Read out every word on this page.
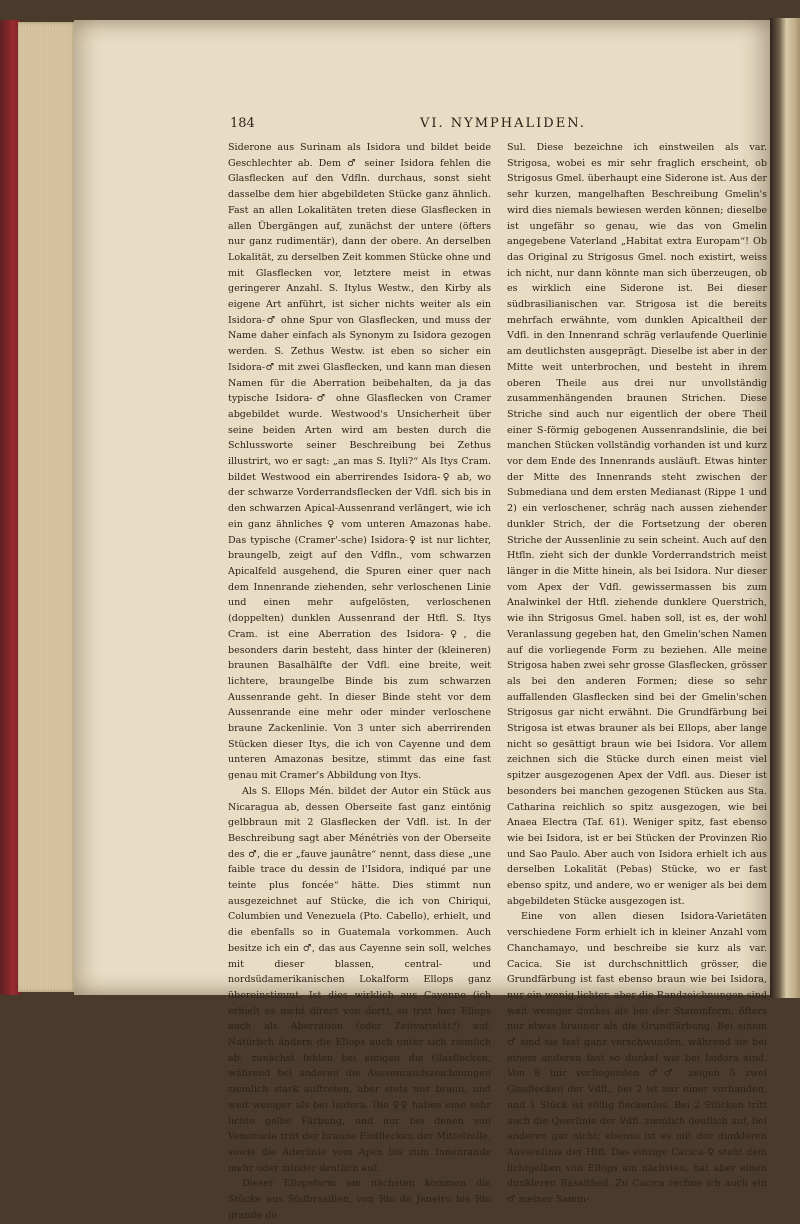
184	VI. NYMPHALIDEN.

Siderone aus Surinam als Isidora und bildet beide Geschlechter ab. Dem ♂ seiner Isidora fehlen die Glasflecken auf den Vdfln. durchaus, sonst sieht dasselbe dem hier abgebildeten Stücke ganz ähnlich. Fast an allen Lokalitäten treten diese Glasflecken in allen Übergängen auf, zunächst der untere (öfters nur ganz rudimentär), dann der obere. An derselben Lokalität, zu derselben Zeit kommen Stücke ohne und mit Glasflecken vor, letztere meist in etwas geringerer Anzahl. S. Itylus Westw., den Kirby als eigene Art anführt, ist sicher nichts weiter als ein Isidora-♂ ohne Spur von Glasflecken, und muss der Name daher einfach als Synonym zu Isidora gezogen werden. S. Zethus Westw. ist eben so sicher ein Isidora-♂ mit zwei Glasflecken, und kann man diesen Namen für die Aberration beibehalten, da ja das typische Isidora-♂ ohne Glasflecken von Cramer abgebildet wurde. Westwood's Unsicherheit über seine beiden Arten wird am besten durch die Schlussworte seiner Beschreibung bei Zethus illustrirt, wo er sagt: „an mas S. Ityli?“ Als Itys Cram. bildet Westwood ein aberrirendes Isidora-♀ ab, wo der schwarze Vorderrandsflecken der Vdfl. sich bis in den schwarzen Apical-Aussenrand verlängert, wie ich ein ganz ähnliches ♀ vom unteren Amazonas habe. Das typische (Cramer'-sche) Isidora-♀ ist nur lichter, braungelb, zeigt auf den Vdfln., vom schwarzen Apicalfeld ausgehend, die Spuren einer quer nach dem Innenrande ziehenden, sehr verloschenen Linie und einen mehr aufgelösten, verloschenen (doppelten) dunklen Aussenrand der Htfl. S. Itys Cram. ist eine Aberration des Isidora-♀, die besonders darin besteht, dass hinter der (kleineren) braunen Basalhälfte der Vdfl. eine breite, weit lichtere, braungelbe Binde bis zum schwarzen Aussenrande geht. In dieser Binde steht vor dem Aussenrande eine mehr oder minder verloschene braune Zackenlinie. Von 3 unter sich aberrirenden Stücken dieser Itys, die ich von Cayenne und dem unteren Amazonas besitze, stimmt das eine fast genau mit Cramer's Abbildung von Itys.

Als S. Ellops Mén. bildet der Autor ein Stück aus Nicaragua ab, dessen Oberseite fast ganz eintönig gelbbraun mit 2 Glasflecken der Vdfl. ist. In der Beschreibung sagt aber Ménétriès von der Oberseite des ♂, die er „fauve jaunâtre“ nennt, dass diese „une faible trace du dessin de l'Isidora, indiqué par une teinte plus foncée“ hätte. Dies stimmt nun ausgezeichnet auf Stücke, die ich von Chiriqui, Columbien und Venezuela (Pto. Cabello), erhielt, und die ebenfalls so in Guatemala vorkommen. Auch besitze ich ein ♂, das aus Cayenne sein soll, welches mit dieser blassen, central- und nordsüdamerikanischen Lokalform Ellops ganz übereinstimmt. Ist dies wirklich aus Cayenne (ich erhielt es nicht direct von dort), so tritt hier Ellops auch als Aberration (oder Zeitvarietät?) auf. Natürlich ändern die Ellops auch unter sich ziemlich ab; zunächst fehlen bei einigen die Glasflecken, während bei anderen die Aussenrandszeichnungen ziemlich stark auftreten, aber stets nur braun, und weit weniger als bei Isidora. Die ♀♀ haben eine sehr lichte gelbe Färbung, und nur bei denen von Venezuela tritt der braune Endflecken der Mittelzelle, sowie die Aderlinie vom Apex bis zum Innenrande mehr oder minder deutlich auf.

Dieser Ellopsform am nächsten kommen die Stücke aus Südbrasilien, von Rio de Janeiro bis Rio grande do

Sul. Diese bezeichne ich einstweilen als var. Strigosa, wobei es mir sehr fraglich erscheint, ob Strigosus Gmel. überhaupt eine Siderone ist. Aus der sehr kurzen, mangelhaften Beschreibung Gmelin's wird dies niemals bewiesen werden können; dieselbe ist ungefähr so genau, wie das von Gmelin angegebene Vaterland „Habitat extra Europam“! Ob das Original zu Strigosus Gmel. noch existirt, weiss ich nicht, nur dann könnte man sich überzeugen, ob es wirklich eine Siderone ist. Bei dieser südbrasilianischen var. Strigosa ist die bereits mehrfach erwähnte, vom dunklen Apicaltheil der Vdfl. in den Innenrand schräg verlaufende Querlinie am deutlichsten ausgeprägt. Dieselbe ist aber in der Mitte weit unterbrochen, und besteht in ihrem oberen Theile aus drei nur unvollständig zusammenhängenden braunen Strichen. Diese Striche sind auch nur eigentlich der obere Theil einer S-förmig gebogenen Aussenrandslinie, die bei manchen Stücken vollständig vorhanden ist und kurz vor dem Ende des Innenrands ausläuft. Etwas hinter der Mitte des Innenrands steht zwischen der Submediana und dem ersten Medianast (Rippe 1 und 2) ein verloschener, schräg nach aussen ziehender dunkler Strich, der die Fortsetzung der oberen Striche der Aussenlinie zu sein scheint. Auch auf den Htfln. zieht sich der dunkle Vorderrandstrich meist länger in die Mitte hinein, als bei Isidora. Nur dieser vom Apex der Vdfl. gewissermassen bis zum Analwinkel der Htfl. ziehende dunklere Querstrich, wie ihn Strigosus Gmel. haben soll, ist es, der wohl Veranlassung gegeben hat, den Gmelin'schen Namen auf die vorliegende Form zu beziehen. Alle meine Strigosa haben zwei sehr grosse Glasflecken, grösser als bei den anderen Formen; diese so sehr auffallenden Glasflecken sind bei der Gmelin'schen Strigosus gar nicht erwähnt. Die Grundfärbung bei Strigosa ist etwas brauner als bei Ellops, aber lange nicht so gesättigt braun wie bei Isidora. Vor allem zeichnen sich die Stücke durch einen meist viel spitzer ausgezogenen Apex der Vdfl. aus. Dieser ist besonders bei manchen gezogenen Stücken aus Sta. Catharina reichlich so spitz ausgezogen, wie bei Anaea Electra (Taf. 61). Weniger spitz, fast ebenso wie bei Isidora, ist er bei Stücken der Provinzen Rio und Sao Paulo. Aber auch von Isidora erhielt ich aus derselben Lokalität (Pebas) Stücke, wo er fast ebenso spitz, und andere, wo er weniger als bei dem abgebildeten Stücke ausgezogen ist.

Eine von allen diesen Isidora-Varietäten verschiedene Form erhielt ich in kleiner Anzahl vom Chanchamayo, und beschreibe sie kurz als var. Cacica. Sie ist durchschnittlich grösser, die Grundfärbung ist fast ebenso braun wie bei Isidora, nur ein wenig lichter, aber die Randzeichnungen sind weit weniger dunkel als bei der Stammform, öfters nur etwas brauner als die Grundfärbung. Bei einem ♂ sind sie fast ganz verschwunden, während sie bei einem anderen fast so dunkel wie bei Isidora sind. Von 8 mir vorliegenden ♂♂ zeigen 5 zwei Glasflecken der Vdfl., bei 2 ist nur einer vorhanden, und 1 Stück ist völlig fleckenlos. Bei 2 Stücken tritt auch die Querlinie der Vdfl. ziemlich deutlich auf, bei anderen gar nicht; ebenso ist es mit der dunkleren Aussenlinie der Htfl. Das einzige Cacica-♀ steht dem lichtgelben von Ellops am nächsten, hat aber einen dunkleren Basaltheil. Zu Cacica rechne ich auch ein ♂ meiner Samm-
